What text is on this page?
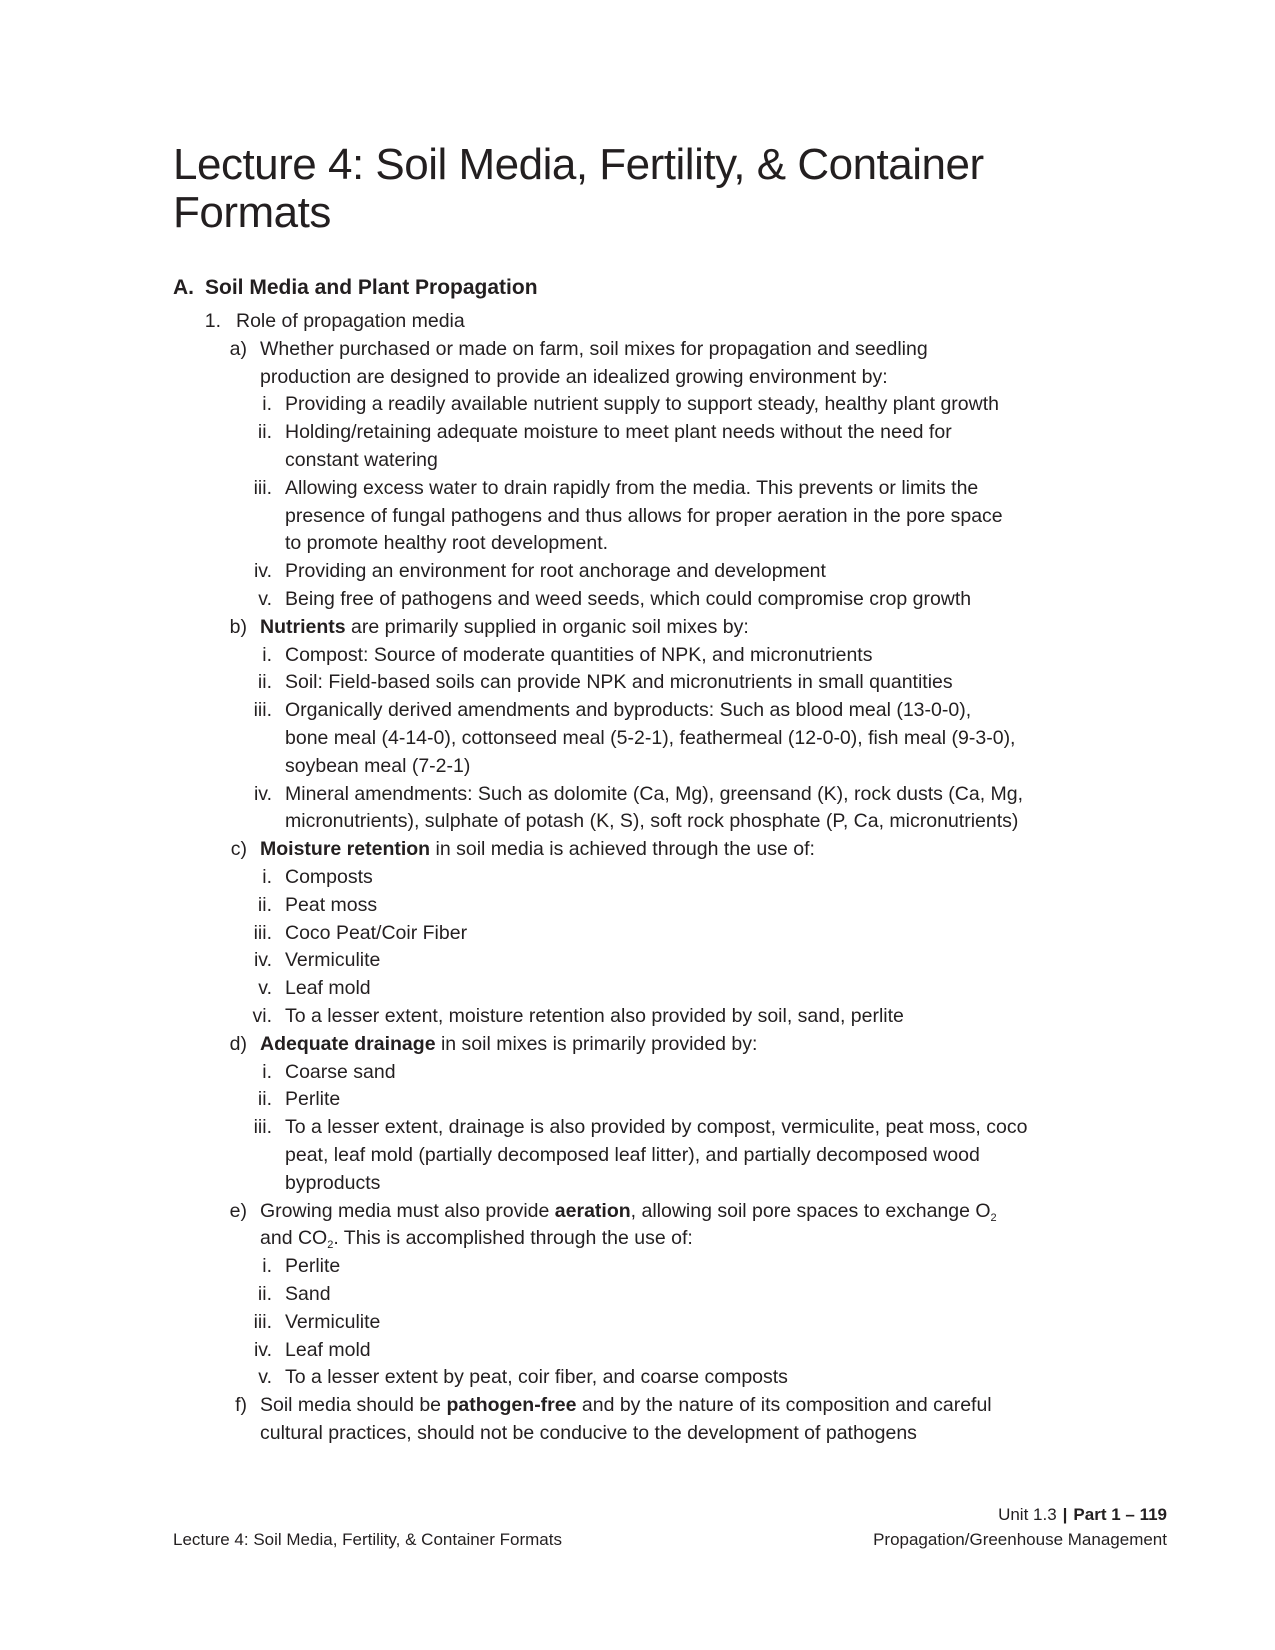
Lecture 4: Soil Media, Fertility, & Container Formats
A. Soil Media and Plant Propagation
1. Role of propagation media
a) Whether purchased or made on farm, soil mixes for propagation and seedling
production are designed to provide an idealized growing environment by:
i. Providing a readily available nutrient supply to support steady, healthy plant growth
ii. Holding/retaining adequate moisture to meet plant needs without the need for
constant watering
iii. Allowing excess water to drain rapidly from the media. This prevents or limits the
presence of fungal pathogens and thus allows for proper aeration in the pore space
to promote healthy root development.
iv. Providing an environment for root anchorage and development
v. Being free of pathogens and weed seeds, which could compromise crop growth
b) Nutrients are primarily supplied in organic soil mixes by:
i. Compost: Source of moderate quantities of NPK, and micronutrients
ii. Soil: Field-based soils can provide NPK and micronutrients in small quantities
iii. Organically derived amendments and byproducts: Such as blood meal (13-0-0),
bone meal (4-14-0), cottonseed meal (5-2-1), feathermeal (12-0-0), fish meal (9-3-0),
soybean meal (7-2-1)
iv. Mineral amendments: Such as dolomite (Ca, Mg), greensand (K), rock dusts (Ca, Mg,
micronutrients), sulphate of potash (K, S), soft rock phosphate (P, Ca, micronutrients)
c) Moisture retention in soil media is achieved through the use of:
i. Composts
ii. Peat moss
iii. Coco Peat/Coir Fiber
iv. Vermiculite
v. Leaf mold
vi. To a lesser extent, moisture retention also provided by soil, sand, perlite
d) Adequate drainage in soil mixes is primarily provided by:
i. Coarse sand
ii. Perlite
iii. To a lesser extent, drainage is also provided by compost, vermiculite, peat moss, coco
peat, leaf mold (partially decomposed leaf litter), and partially decomposed wood
byproducts
e) Growing media must also provide aeration, allowing soil pore spaces to exchange $O_2$
and $CO_2$. This is accomplished through the use of:
i. Perlite
ii. Sand
iii. Vermiculite
iv. Leaf mold
v. To a lesser extent by peat, coir fiber, and coarse composts
f) Soil media should be pathogen-free and by the nature of its composition and careful
cultural practices, should not be conducive to the development of pathogens
Unit 1.3 | Part 1 – 119
Lecture 4: Soil Media, Fertility, & Container Formats	Propagation/Greenhouse Management
